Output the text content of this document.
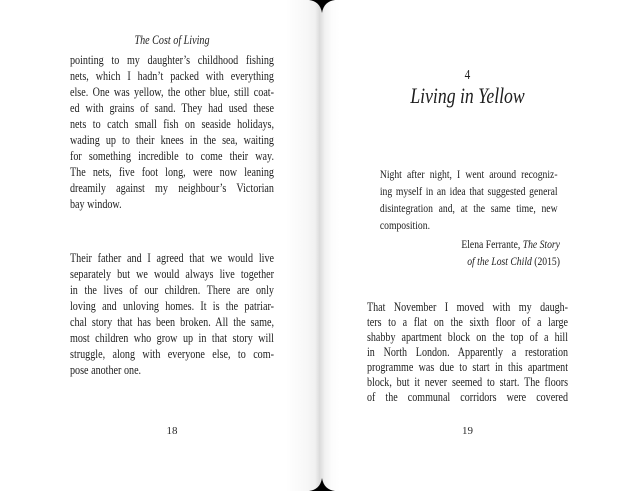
The Cost of Living
pointing to my daughter’s childhood fishing
nets, which I hadn’t packed with everything
else. One was yellow, the other blue, still coat-
ed with grains of sand. They had used these
nets to catch small fish on seaside holidays,
wading up to their knees in the sea, waiting
for something incredible to come their way.
The nets, five foot long, were now leaning
dreamily against my neighbour’s Victorian
bay window.
Their father and I agreed that we would live
separately but we would always live together
in the lives of our children. There are only
loving and unloving homes. It is the patriar-
chal story that has been broken. All the same,
most children who grow up in that story will
struggle, along with everyone else, to com-
pose another one.
18
4
Living in Yellow
Night after night, I went around recogniz-
ing myself in an idea that suggested general
disintegration and, at the same time, new
composition.
Elena Ferrante, The Story
of the Lost Child (2015)
That November I moved with my daugh-
ters to a flat on the sixth floor of a large
shabby apartment block on the top of a hill
in North London. Apparently a restoration
programme was due to start in this apartment
block, but it never seemed to start. The floors
of the communal corridors were covered
19
